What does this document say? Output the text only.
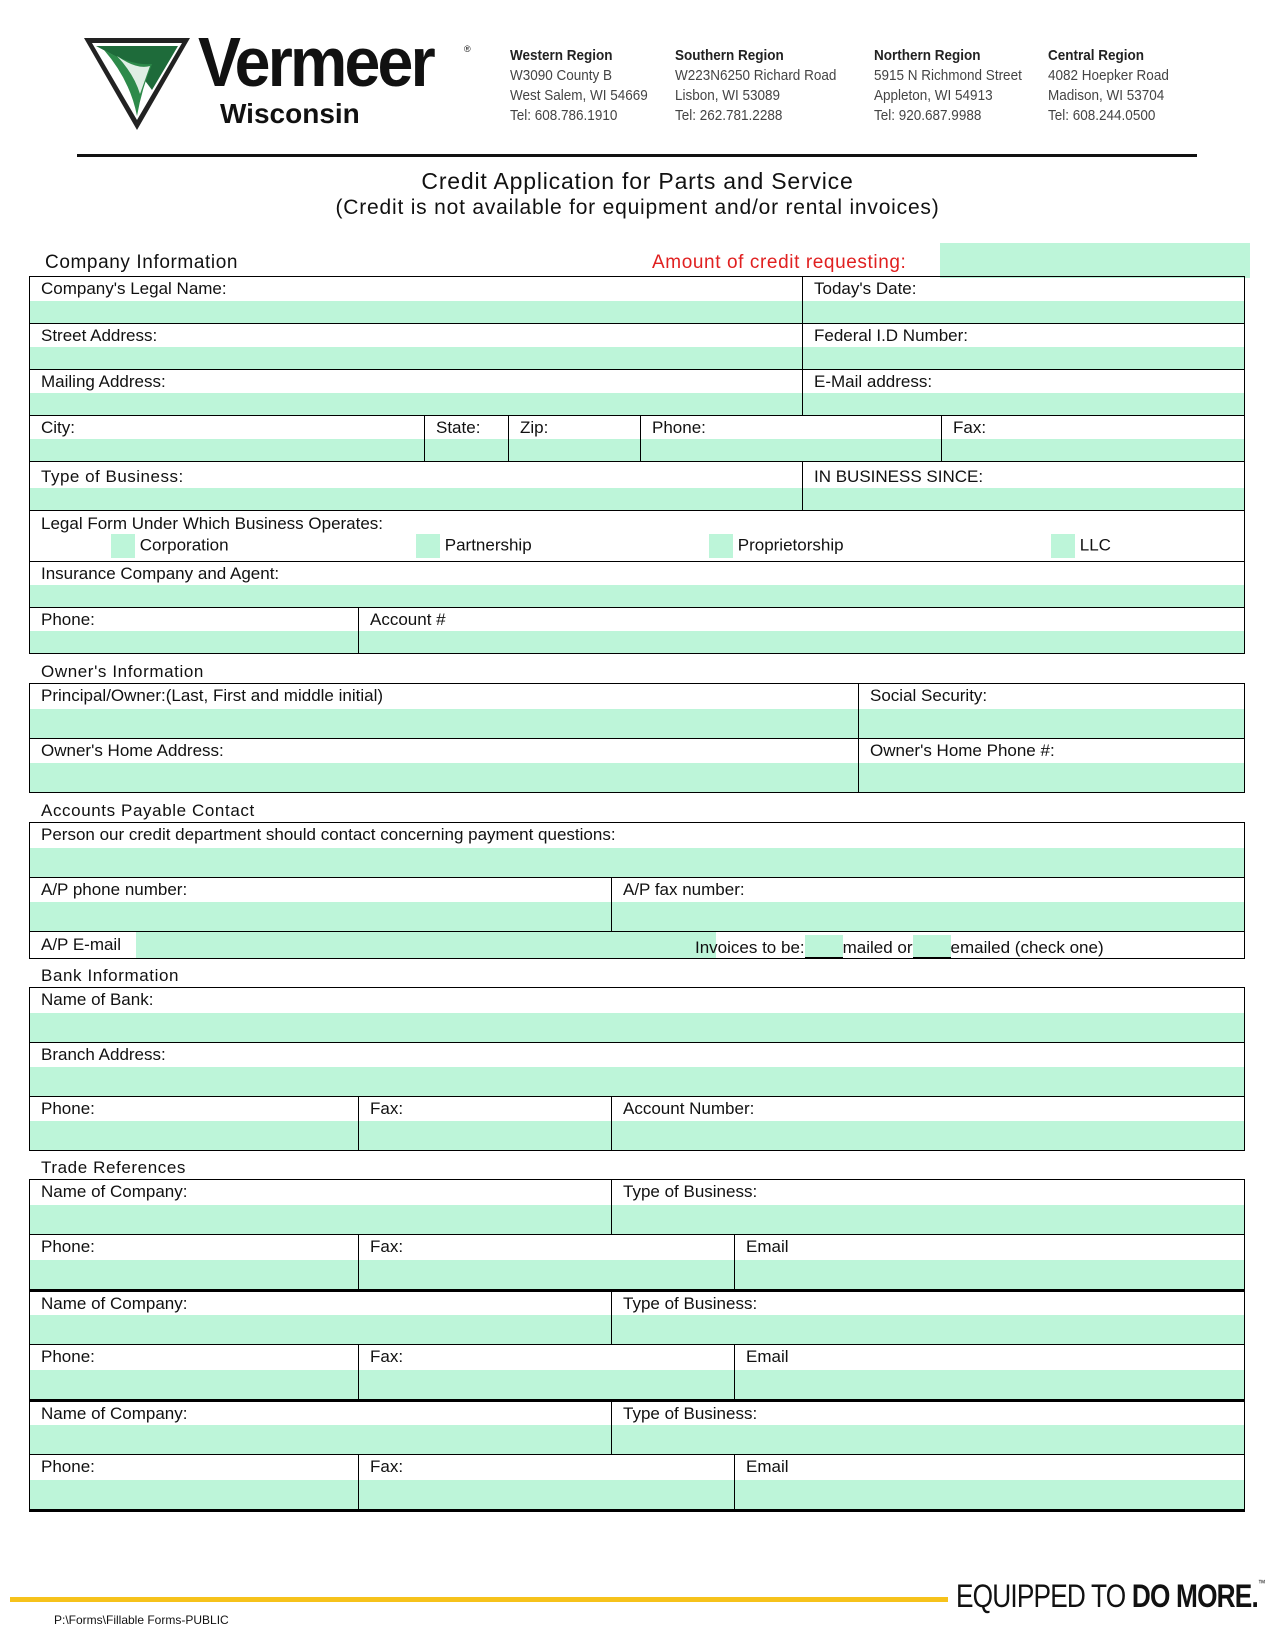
Vermeer	®
Wisconsin
Western Region
W3090 County B
West Salem, WI 54669
Tel: 608.786.1910
Southern Region
W223N6250 Richard Road
Lisbon, WI 53089
Tel: 262.781.2288
Northern Region
5915 N Richmond Street
Appleton, WI 54913
Tel: 920.687.9988
Central Region
4082 Hoepker Road
Madison, WI 53704
Tel: 608.244.0500
Credit Application for Parts and Service
(Credit is not available for equipment and/or rental invoices)
Company Information	Amount of credit requesting:
Company's Legal Name:	Today's Date:
Street Address:	Federal I.D Number:
Mailing Address:	E-Mail address:
City:	State: Zip:	Phone:	Fax:
Type of Business:	IN BUSINESS SINCE:
Legal Form Under Which Business Operates:
Corporation	Partnership	Proprietorship	LLC
Insurance Company and Agent:
Phone:	Account #
Owner's Information
Principal/Owner:(Last, First and middle initial)	Social Security:
Owner's Home Address:	Owner's Home Phone #:
Accounts Payable Contact
Person our credit department should contact concerning payment questions:
A/P phone number:	A/P fax number:
A/P E-mail	Invoices to be: mailed or emailed (check one)
Bank Information
Name of Bank:
Branch Address:
Phone:	Fax:	Account Number:
Trade References
Name of Company:	Type of Business:
Phone:	Fax:	Email
Name of Company:	Type of Business:
Phone:	Fax:	Email
Name of Company:	Type of Business:
Phone:	Fax:	Email
EQUIPPED TO DO MORE.™
P:\Forms\Fillable Forms-PUBLIC
